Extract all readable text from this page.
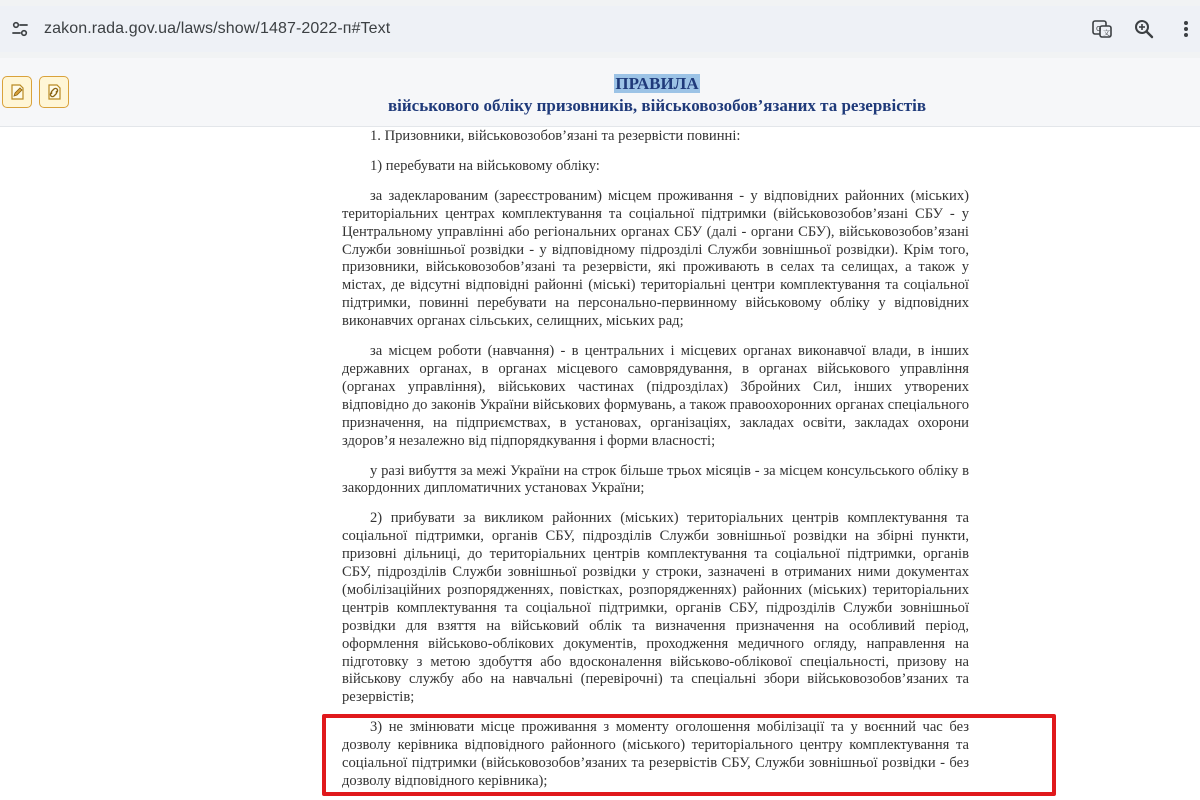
zakon.rada.gov.ua/laws/show/1487-2022-п#Text	G 文
ПРАВИЛА
військового обліку призовників, військовозобов’язаних та резервістів

1. Призовники, військовозобов’язані та резервісти повинні:

1) перебувати на військовому обліку:

за задекларованим (зареєстрованим) місцем проживання - у відповідних районних (міських) територіальних центрах комплектування та соціальної підтримки (військовозобов’язані СБУ - у Центральному управлінні або регіональних органах СБУ (далі - органи СБУ), військовозобов’язані Служби зовнішньої розвідки - у відповідному підрозділі Служби зовнішньої розвідки). Крім того, призовники, військовозобов’язані та резервісти, які проживають в селах та селищах, а також у містах, де відсутні відповідні районні (міські) територіальні центри комплектування та соціальної підтримки, повинні перебувати на персонально-первинному військовому обліку у відповідних виконавчих органах сільських, селищних, міських рад;

за місцем роботи (навчання) - в центральних і місцевих органах виконавчої влади, в інших державних органах, в органах місцевого самоврядування, в органах військового управління (органах управління), військових частинах (підрозділах) Збройних Сил, інших утворених відповідно до законів України військових формувань, а також правоохоронних органах спеціального призначення, на підприємствах, в установах, організаціях, закладах освіти, закладах охорони здоров’я незалежно від підпорядкування і форми власності;

у разі вибуття за межі України на строк більше трьох місяців - за місцем консульського обліку в закордонних дипломатичних установах України;

2) прибувати за викликом районних (міських) територіальних центрів комплектування та соціальної підтримки, органів СБУ, підрозділів Служби зовнішньої розвідки на збірні пункти, призовні дільниці, до територіальних центрів комплектування та соціальної підтримки, органів СБУ, підрозділів Служби зовнішньої розвідки у строки, зазначені в отриманих ними документах (мобілізаційних розпорядженнях, повістках, розпорядженнях) районних (міських) територіальних центрів комплектування та соціальної підтримки, органів СБУ, підрозділів Служби зовнішньої розвідки для взяття на військовий облік та визначення призначення на особливий період, оформлення військово-облікових документів, проходження медичного огляду, направлення на підготовку з метою здобуття або вдосконалення військово-облікової спеціальності, призову на військову службу або на навчальні (перевірочні) та спеціальні збори військовозобов’язаних та резервістів;

3) не змінювати місце проживання з моменту оголошення мобілізації та у воєнний час без дозволу керівника відповідного районного (міського) територіального центру комплектування та соціальної підтримки (військовозобов’язаних та резервістів СБУ, Служби зовнішньої розвідки - без дозволу відповідного керівника);
